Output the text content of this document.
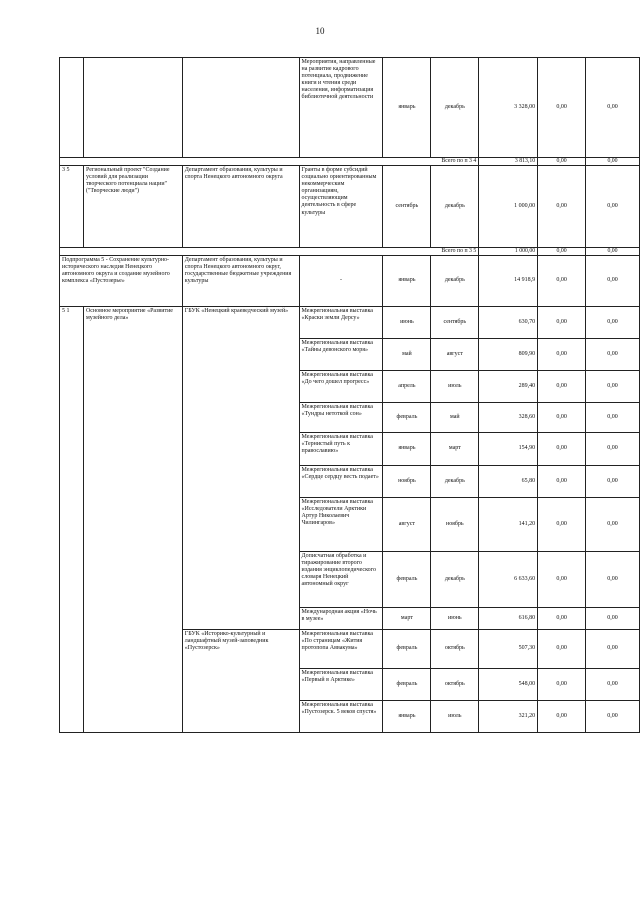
10
			Мероприятия, направленные на развитие кадрового потенциала, продвижение книги и чтения среди населения, информатизация библиотечной деятельности	январь	декабрь	3 328,00	0,00	0,00
Всего по п 3 4						3 813,10	0,00	0,00
3 5	Региональный проект "Создание условий для реализации творческого потенциала нации" ("Творческие люди")	Департамент образования, культуры и спорта Ненецкого автономного округа	Гранты в форме субсидий социально ориентированным некоммерческим организациям, осуществляющим деятельность в сфере культуры	сентябрь	декабрь	1 000,00	0,00	0,00
Всего по п 3 5						1 000,00	0,00	0,00
Подпрограмма 5 - Сохранение культурно-исторического наследия Ненецкого автономного округа и создание музейного комплекса «Пустозерье»		Департамент образования, культуры и спорта Ненецкого автономного округ, государственные бюджетные учреждения культуры	-	январь	декабрь	14 918,9	0,00	0,00
5 1	Основное мероприятие «Развитие музейного дела»	ГБУК «Ненецкий краеведческий музей»	Межрегиональная выставка «Краски земли Дерсу»	июнь	сентябрь	630,70	0,00	0,00
			Межрегиональная выставка «Тайны девонского моря»	май	август	809,90	0,00	0,00
			Межрегиональная выставка «До чего дошел прогресс»	апрель	июль	289,40	0,00	0,00
			Межрегиональная выставка «Тундры нетоткой сон»	февраль	май	328,60	0,00	0,00
			Межрегиональная выставка «Тернистый путь к православию»	январь	март	154,90	0,00	0,00
			Межрегиональная выставка «Сердце сердцу весть подает»	ноябрь	декабрь	65,80	0,00	0,00
			Межрегиональная выставка «Исследователи Арктики Артур Николаевич Чилингаров»	август	ноябрь	141,20	0,00	0,00
			Дописчатная обработка и тиражирование второго издания энциклопедического словаря Ненецкий автономный округ	февраль	декабрь	6 633,60	0,00	0,00
			Международная акция «Ночь в музее»	март	июнь	616,80	0,00	0,00
		ГБУК «Историко-культурный и ландшафтный музей-заповедник «Пустозерск»	Межрегиональная выставка «По страницам «Жития протопопа Аввакума»	февраль	октябрь	507,30	0,00	0,00
			Межрегиональная выставка «Первый в Арктике»	февраль	октябрь	548,00	0,00	0,00
			Межрегиональная выставка «Пустозерск. 5 веков спустя»	январь	июль	321,20	0,00	0,00
